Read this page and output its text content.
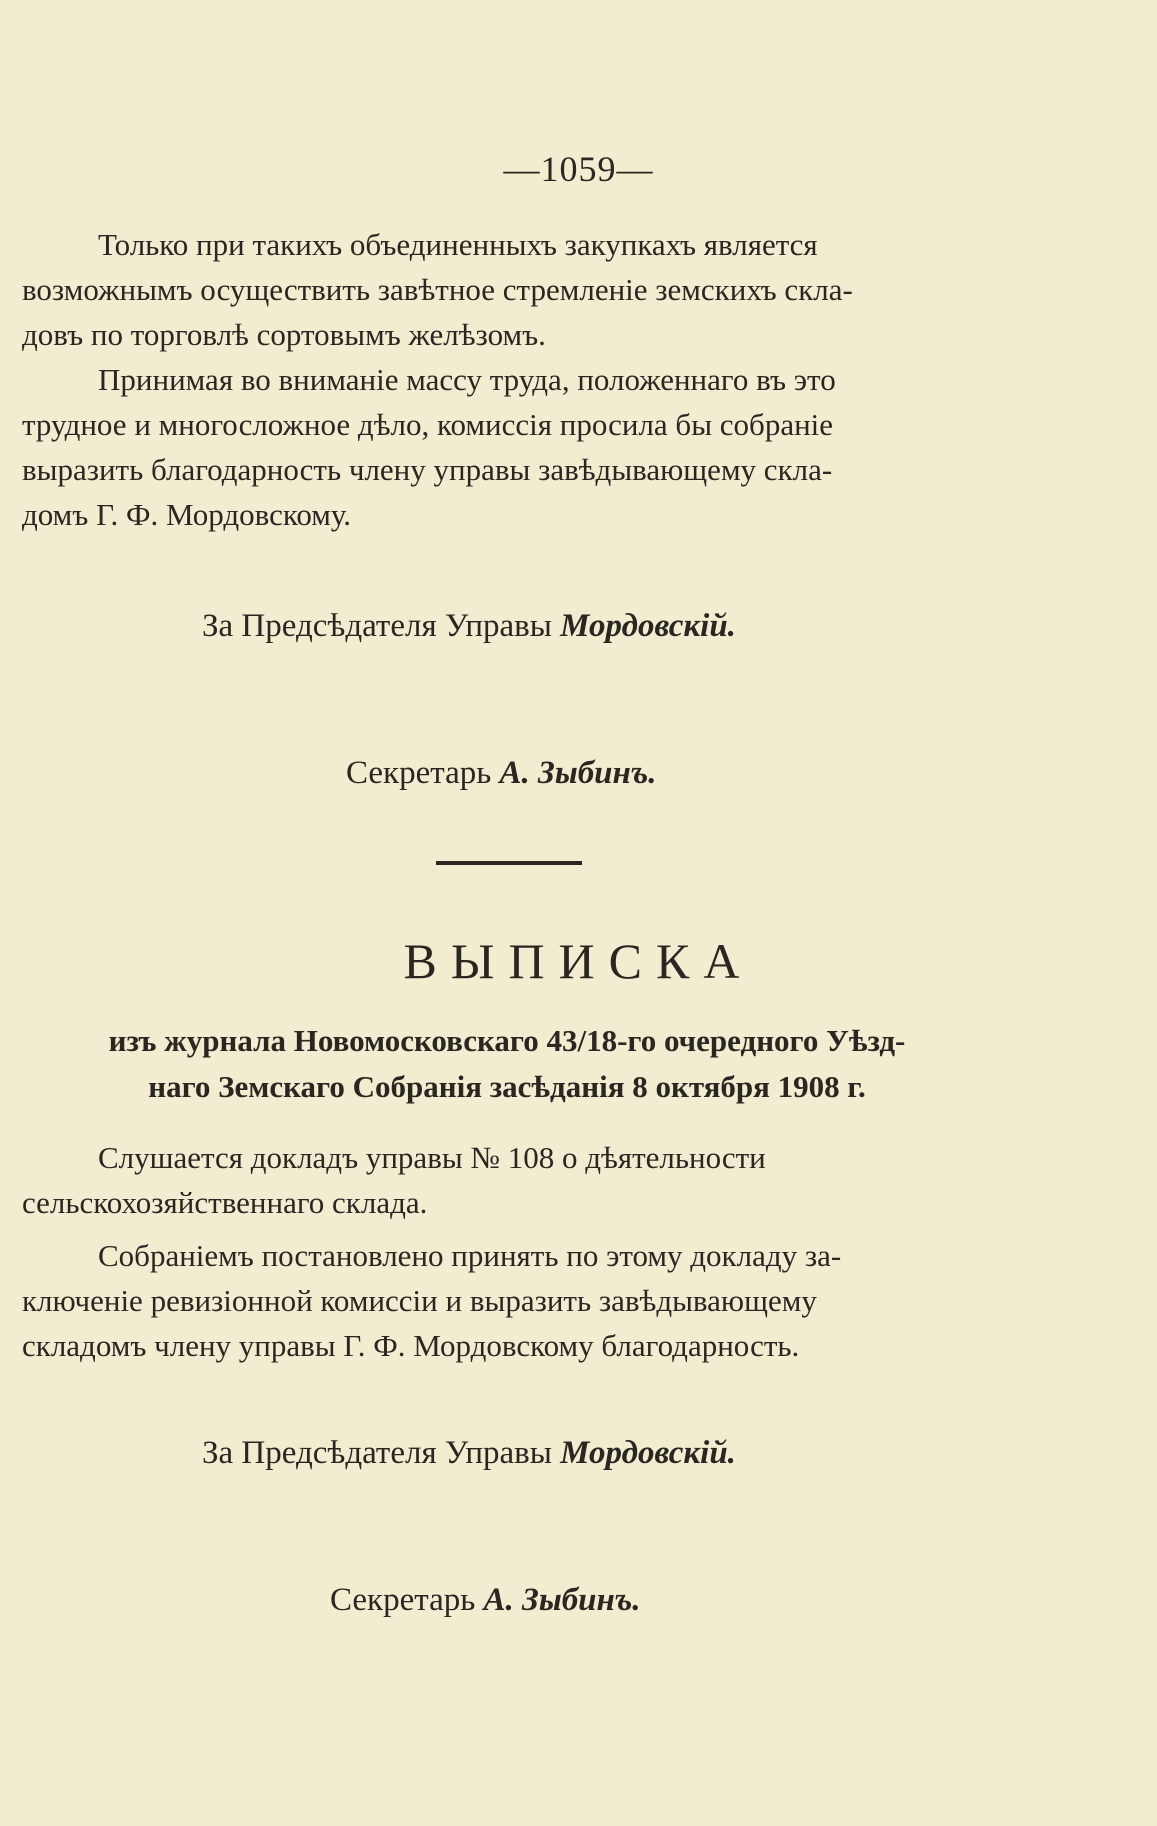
—1059—
Только при такихъ объединенныхъ закупкахъ является
возможнымъ осуществить завѣтное стремленіе земскихъ скла-
довъ по торговлѣ сортовымъ желѣзомъ.
Принимая во вниманіе массу труда, положеннаго въ это
трудное и многосложное дѣло, комиссія просила бы собраніе
выразить благодарность члену управы завѣдывающему скла-
домъ Г. Ф. Мордовскому.
За Предсѣдателя Управы Мордовскій.
Секретарь А. Зыбинъ.
ВЫПИСКА
изъ журнала Новомосковскаго 43/18-го очередного Уѣзд-
наго Земскаго Собранія засѣданія 8 октября 1908 г.
Слушается докладъ управы № 108 о дѣятельности
сельскохозяйственнаго склада.
Собраніемъ постановлено принять по этому докладу за-
ключеніе ревизіонной комиссіи и выразить завѣдывающему
складомъ члену управы Г. Ф. Мордовскому благодарность.
За Предсѣдателя Управы Мордовскій.
Секретарь А. Зыбинъ.
